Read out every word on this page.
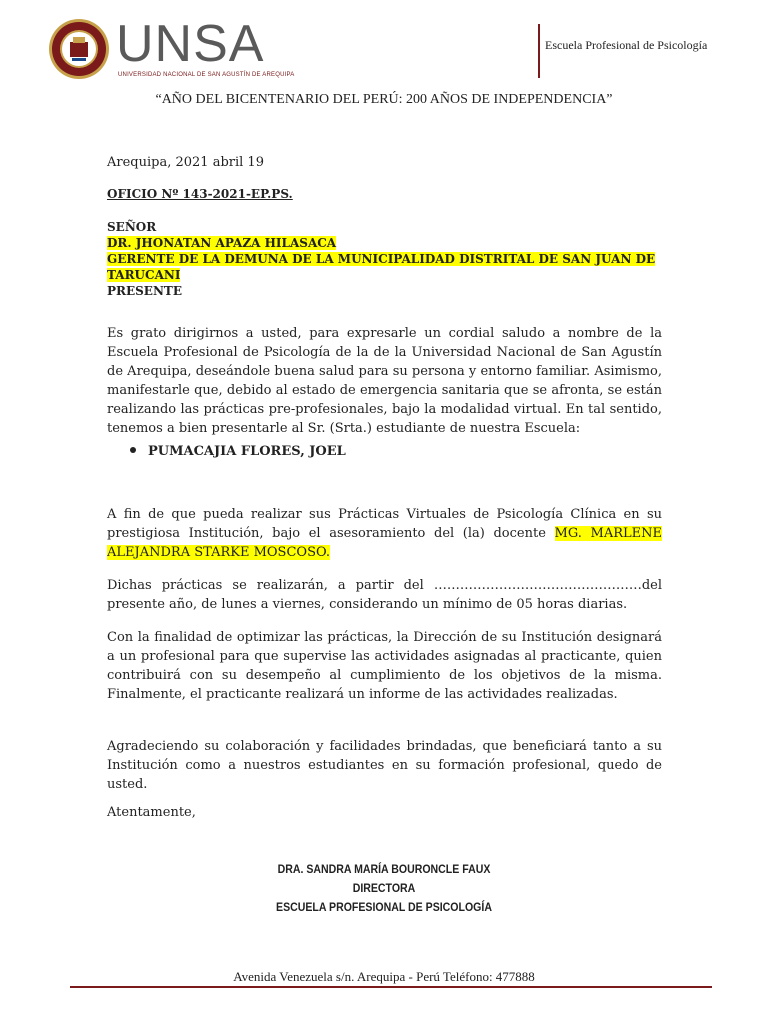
UNSA
UNIVERSIDAD NACIONAL DE SAN AGUSTÍN DE AREQUIPA
Escuela Profesional de Psicología
“AÑO DEL BICENTENARIO DEL PERÚ: 200 AÑOS DE INDEPENDENCIA”
Arequipa, 2021 abril 19
OFICIO Nº 143-2021-EP.PS.
SEÑOR
DR. JHONATAN APAZA HILASACA
GERENTE DE LA DEMUNA DE LA MUNICIPALIDAD DISTRITAL DE SAN JUAN DE TARUCANI
PRESENTE
Es grato dirigirnos a usted, para expresarle un cordial saludo a nombre de la Escuela Profesional de Psicología de la de la Universidad Nacional de San Agustín de Arequipa, deseándole buena salud para su persona y entorno familiar. Asimismo, manifestarle que, debido al estado de emergencia sanitaria que se afronta, se están realizando las prácticas pre-profesionales, bajo la modalidad virtual. En tal sentido, tenemos a bien presentarle al Sr. (Srta.) estudiante de nuestra Escuela:
PUMACAJIA FLORES, JOEL
A fin de que pueda realizar sus Prácticas Virtuales de Psicología Clínica en su prestigiosa Institución, bajo el asesoramiento del (la) docente MG. MARLENE ALEJANDRA STARKE MOSCOSO.
Dichas prácticas se realizarán, a partir del …………………………………………del presente año, de lunes a viernes, considerando un mínimo de 05 horas diarias.
Con la finalidad de optimizar las prácticas, la Dirección de su Institución designará a un profesional para que supervise las actividades asignadas al practicante, quien contribuirá con su desempeño al cumplimiento de los objetivos de la misma. Finalmente, el practicante realizará un informe de las actividades realizadas.
Agradeciendo su colaboración y facilidades brindadas, que beneficiará tanto a su Institución como a nuestros estudiantes en su formación profesional, quedo de usted.
Atentamente,
DRA. SANDRA MARÍA BOURONCLE FAUX
DIRECTORA
ESCUELA PROFESIONAL DE PSICOLOGÍA
Avenida Venezuela s/n. Arequipa - Perú Teléfono: 477888
